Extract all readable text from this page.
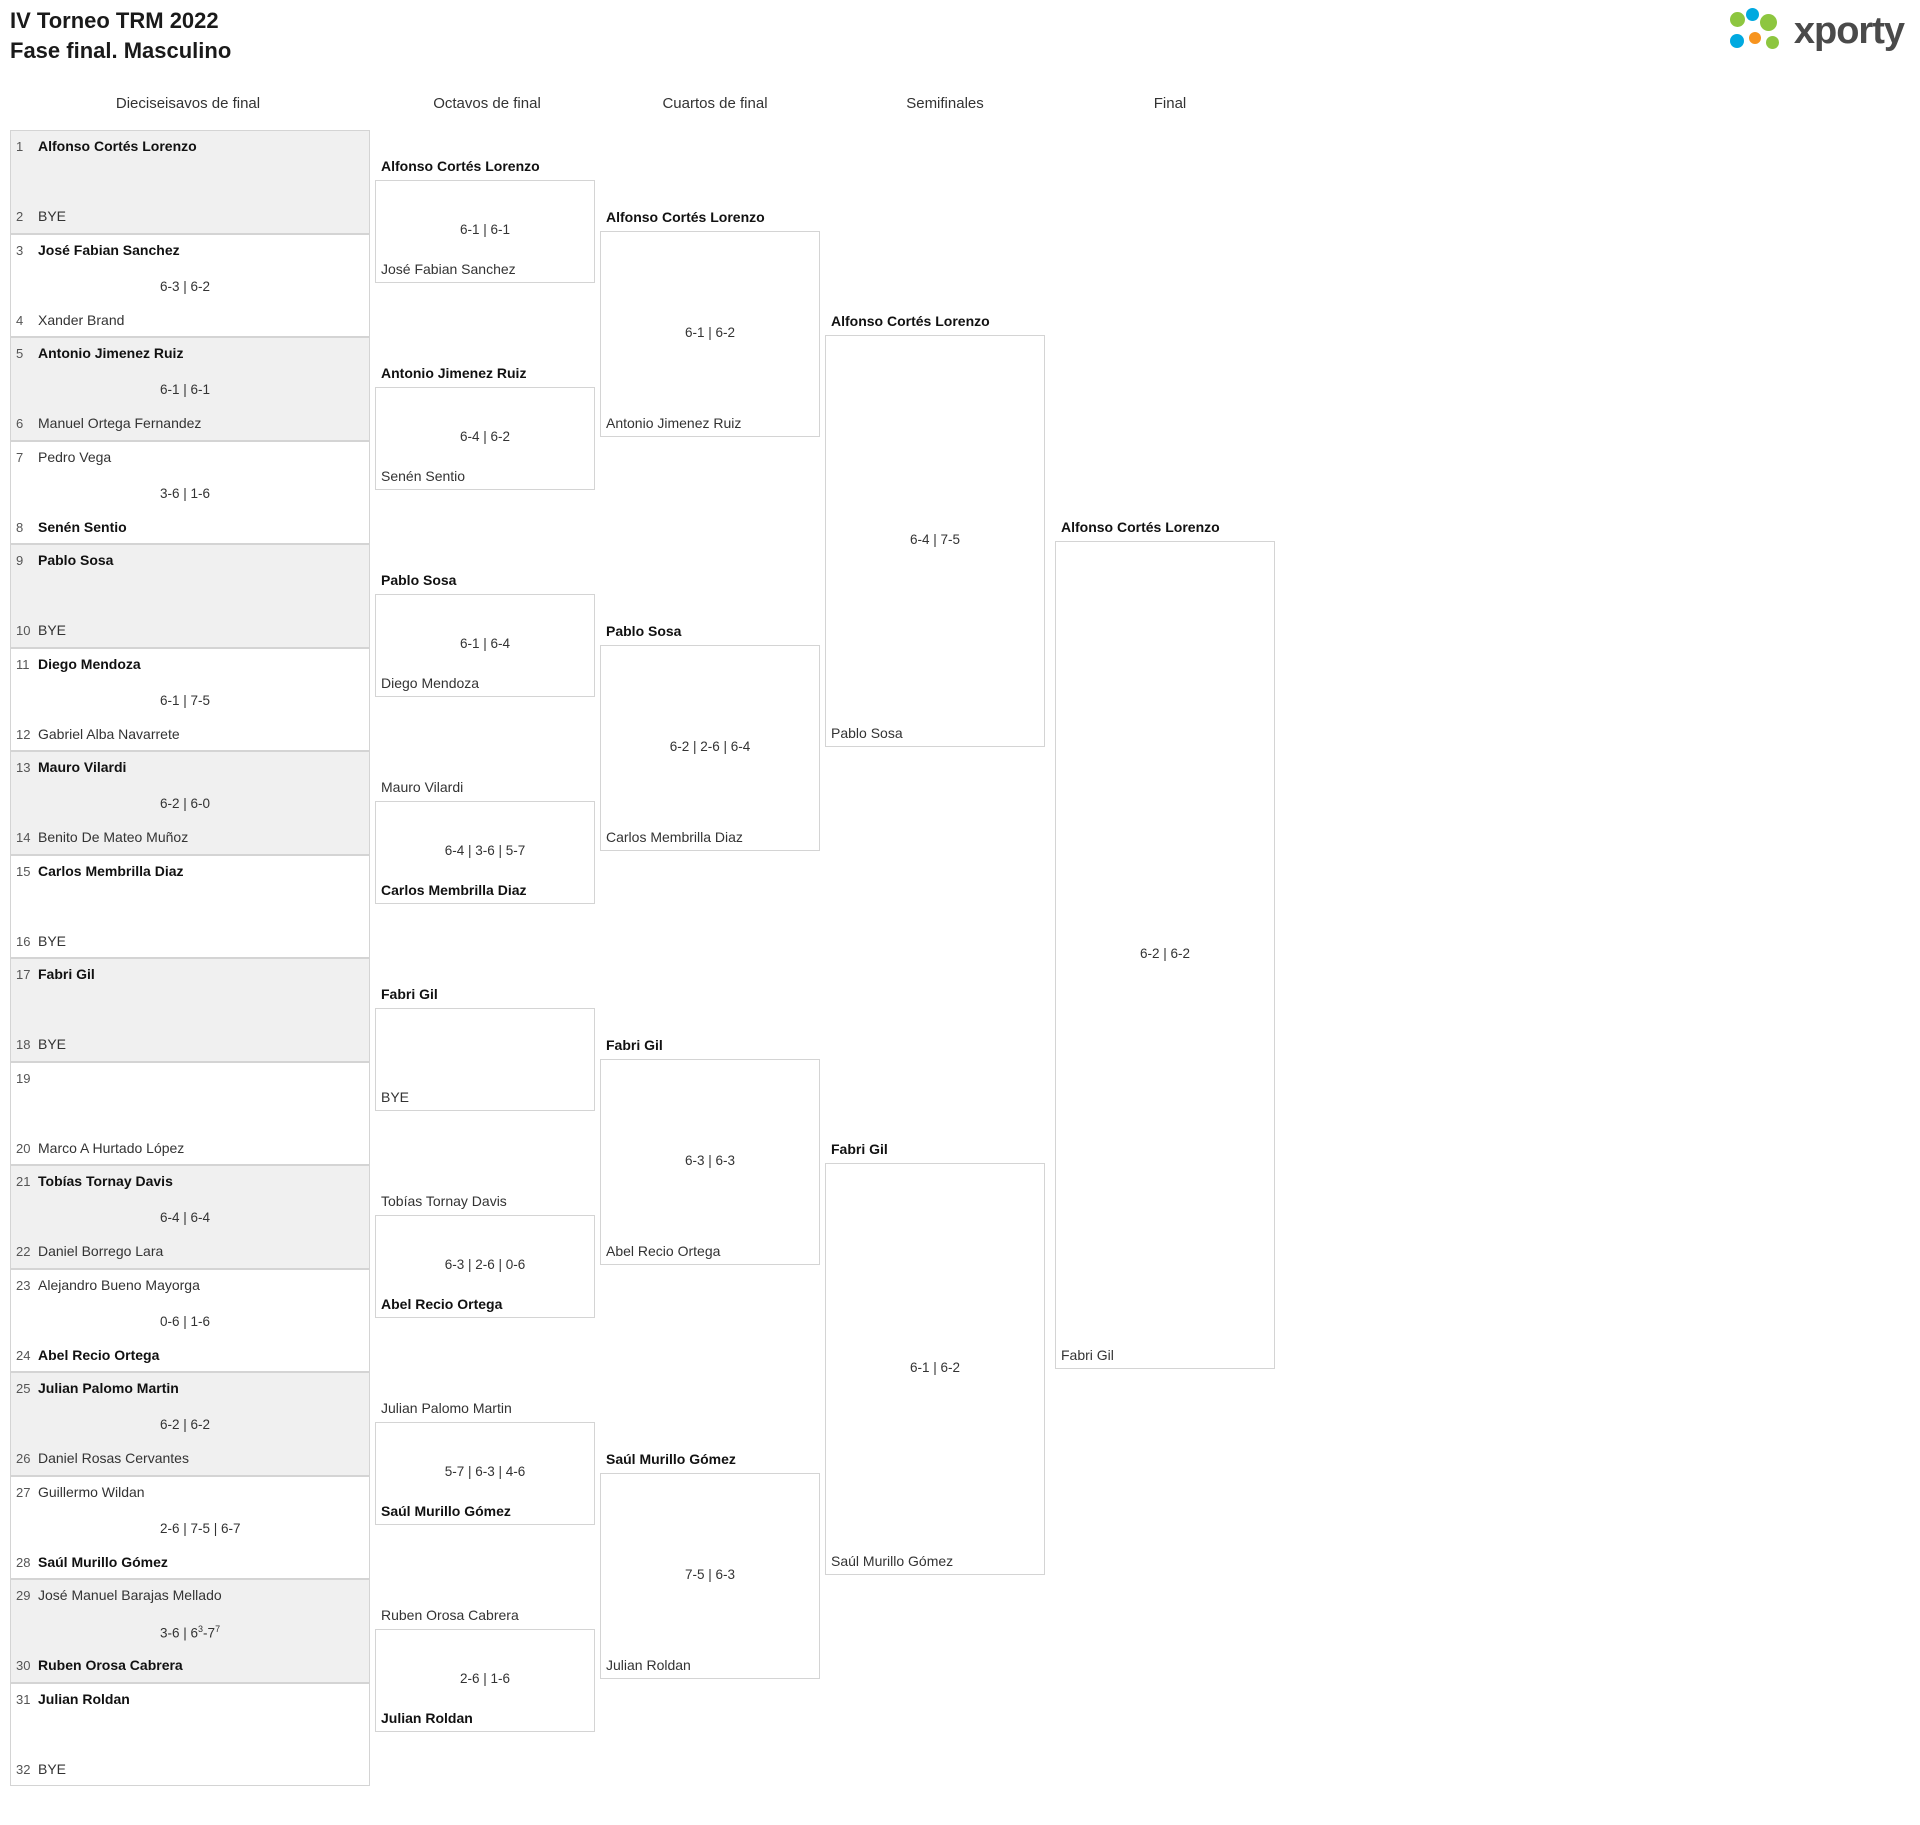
IV Torneo TRM 2022
Fase final. Masculino	xporty
Dieciseisavos de final	Octavos de final	Cuartos de final	Semifinales	Final
1 Alfonso Cortés Lorenzo
2 BYE
3 José Fabian Sanchez
6-3 | 6-2
4 Xander Brand
5 Antonio Jimenez Ruiz
6-1 | 6-1
6 Manuel Ortega Fernandez
7 Pedro Vega
3-6 | 1-6
8 Senén Sentio
9 Pablo Sosa
10 BYE
11 Diego Mendoza
6-1 | 7-5
12 Gabriel Alba Navarrete
13 Mauro Vilardi
6-2 | 6-0
14 Benito De Mateo Muñoz
15 Carlos Membrilla Diaz
16 BYE
17 Fabri Gil
18 BYE
19
20 Marco A Hurtado López
21 Tobías Tornay Davis
6-4 | 6-4
22 Daniel Borrego Lara
23 Alejandro Bueno Mayorga
0-6 | 1-6
24 Abel Recio Ortega
25 Julian Palomo Martin
6-2 | 6-2
26 Daniel Rosas Cervantes
27 Guillermo Wildan
2-6 | 7-5 | 6-7
28 Saúl Murillo Gómez
29 José Manuel Barajas Mellado
3-6 | $6^3-7^7$
30 Ruben Orosa Cabrera
31 Julian Roldan
32 BYE
Alfonso Cortés Lorenzo
6-1 | 6-1
José Fabian Sanchez
Antonio Jimenez Ruiz
6-4 | 6-2
Senén Sentio
Pablo Sosa
6-1 | 6-4
Diego Mendoza
Mauro Vilardi
6-4 | 3-6 | 5-7
Carlos Membrilla Diaz
Fabri Gil
BYE
Tobías Tornay Davis
6-3 | 2-6 | 0-6
Abel Recio Ortega
Julian Palomo Martin
5-7 | 6-3 | 4-6
Saúl Murillo Gómez
Ruben Orosa Cabrera
2-6 | 1-6
Julian Roldan
Alfonso Cortés Lorenzo
6-1 | 6-2
Antonio Jimenez Ruiz
Pablo Sosa
6-2 | 2-6 | 6-4
Carlos Membrilla Diaz
Fabri Gil
6-3 | 6-3
Abel Recio Ortega
Saúl Murillo Gómez
7-5 | 6-3
Julian Roldan
Alfonso Cortés Lorenzo
6-4 | 7-5
Pablo Sosa
Fabri Gil
6-1 | 6-2
Saúl Murillo Gómez
Alfonso Cortés Lorenzo
6-2 | 6-2
Fabri Gil
